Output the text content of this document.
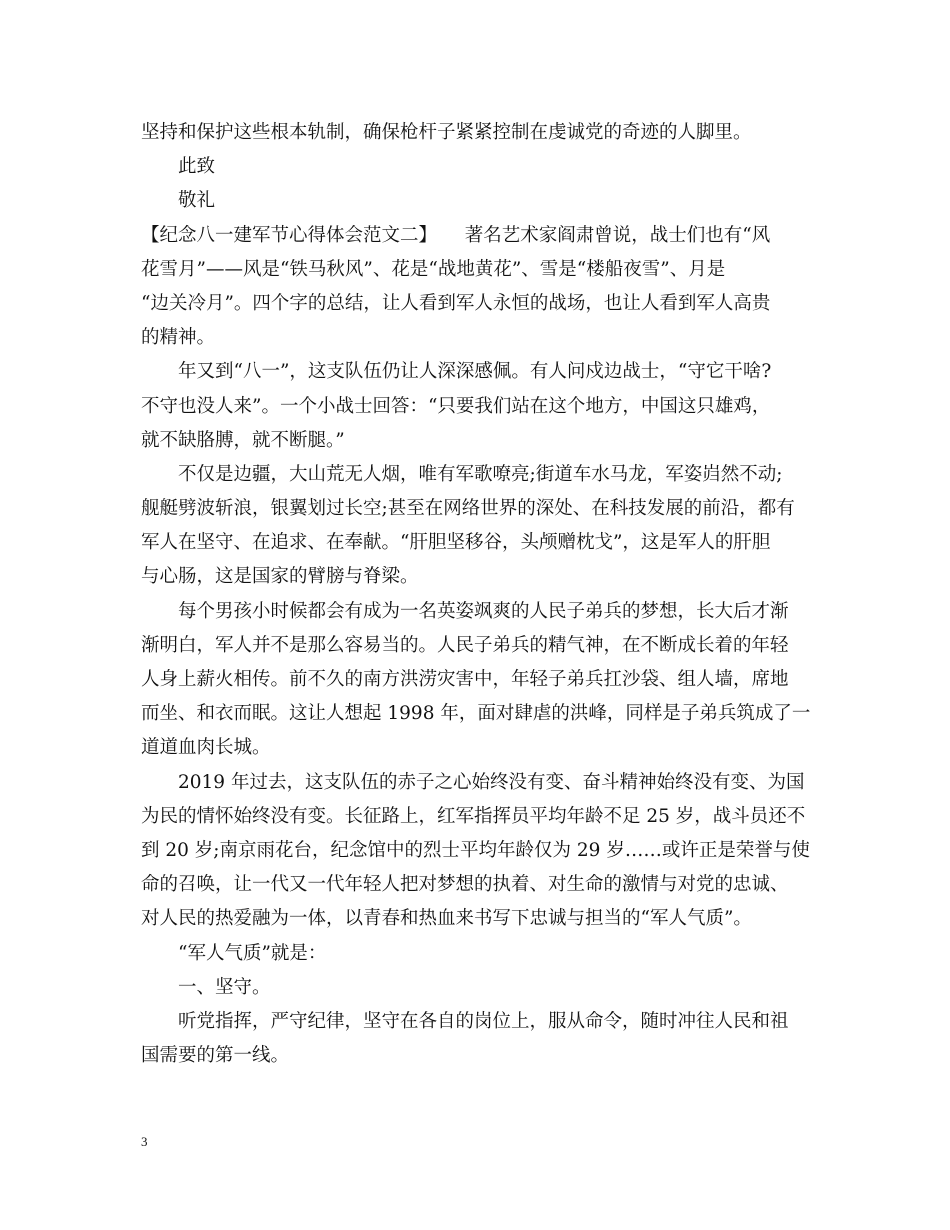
坚持和保护这些根本轨制，确保枪杆子紧紧控制在虔诚党的奇迹的人脚里。
此致
敬礼
【纪念八一建军节心得体会范文二】　　著名艺术家阎肃曾说，战士们也有“风
花雪月”——风是“铁马秋风”、花是“战地黄花”、雪是“楼船夜雪”、月是
“边关冷月”。四个字的总结，让人看到军人永恒的战场，也让人看到军人高贵
的精神。
年又到“八一”，这支队伍仍让人深深感佩。有人问戍边战士，“守它干啥?
不守也没人来”。一个小战士回答：“只要我们站在这个地方，中国这只雄鸡，
就不缺胳膊，就不断腿。”
不仅是边疆，大山荒无人烟，唯有军歌嘹亮;街道车水马龙，军姿岿然不动;
舰艇劈波斩浪，银翼划过长空;甚至在网络世界的深处、在科技发展的前沿，都有
军人在坚守、在追求、在奉献。“肝胆坚移谷，头颅赠枕戈”，这是军人的肝胆
与心肠，这是国家的臂膀与脊梁。
每个男孩小时候都会有成为一名英姿飒爽的人民子弟兵的梦想，长大后才渐
渐明白，军人并不是那么容易当的。人民子弟兵的精气神，在不断成长着的年轻
人身上薪火相传。前不久的南方洪涝灾害中，年轻子弟兵扛沙袋、组人墙，席地
而坐、和衣而眠。这让人想起 1998 年，面对肆虐的洪峰，同样是子弟兵筑成了一
道道血肉长城。
2019 年过去，这支队伍的赤子之心始终没有变、奋斗精神始终没有变、为国
为民的情怀始终没有变。长征路上，红军指挥员平均年龄不足 25 岁，战斗员还不
到 20 岁;南京雨花台，纪念馆中的烈士平均年龄仅为 29 岁……或许正是荣誉与使
命的召唤，让一代又一代年轻人把对梦想的执着、对生命的激情与对党的忠诚、
对人民的热爱融为一体，以青春和热血来书写下忠诚与担当的“军人气质”。
“军人气质”就是：
一、坚守。
听党指挥，严守纪律，坚守在各自的岗位上，服从命令，随时冲往人民和祖
国需要的第一线。
3
